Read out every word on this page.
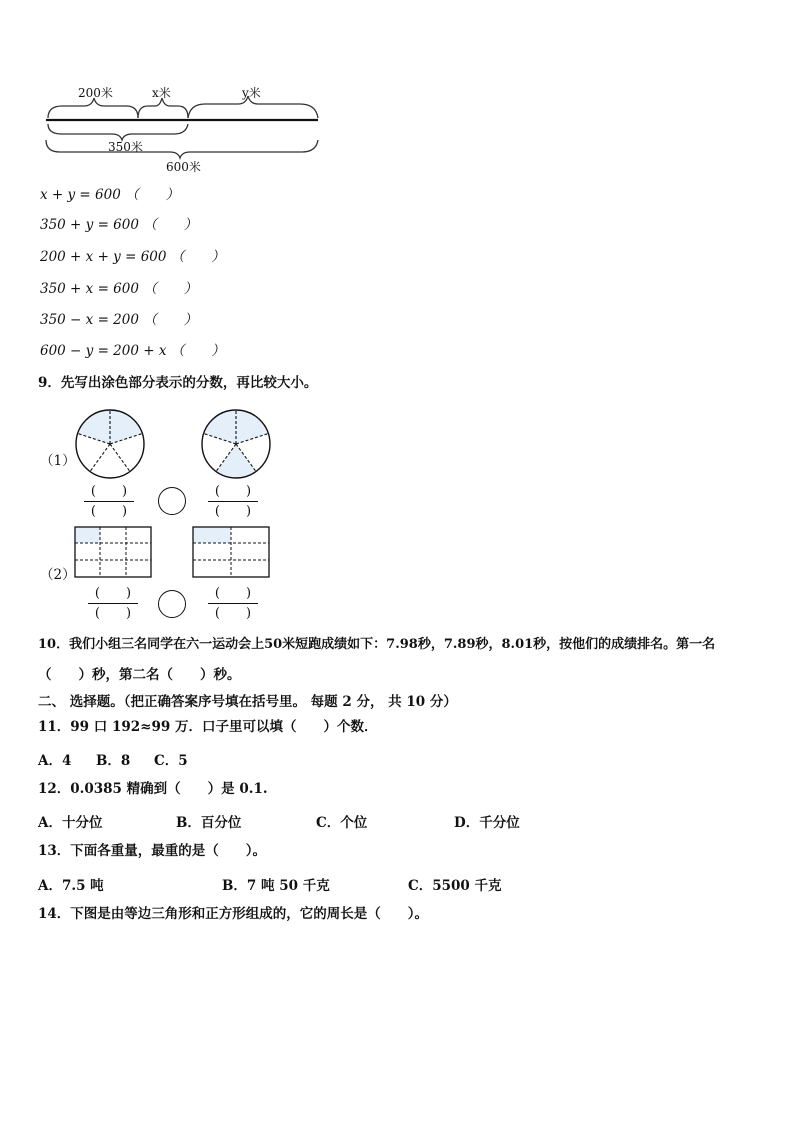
200米	x米	y米
350米
600米
x + y = 600 （　　）
350 + y = 600 （　　）
200 + x + y = 600 （　　）
350 + x = 600 （　　）
350 − x = 200 （　　）
600 − y = 200 + x （　　）
9．先写出涂色部分表示的分数，再比较大小。
（1）
（2）
(　　)
(　　)
(　　)
(　　)
(　　)
(　　)
(　　)
(　　)
10．我们小组三名同学在六一运动会上50米短跑成绩如下：7.98秒，7.89秒，8.01秒，按他们的成绩排名。第一名
（　　）秒，第二名（　　）秒。
二、 选择题。（把正确答案序号填在括号里。 每题 2 分， 共 10 分）
11．99 口 192≈99 万．口子里可以填（　　）个数．
A．4 B．8 C．5
12．0.0385 精确到（　　）是 0.1.
A．十分位	B．百分位	C．个位	D．千分位
13．下面各重量，最重的是（　　）。
A．7.5 吨	B．7 吨 50 千克	C．5500 千克
14．下图是由等边三角形和正方形组成的，它的周长是（　　）。
